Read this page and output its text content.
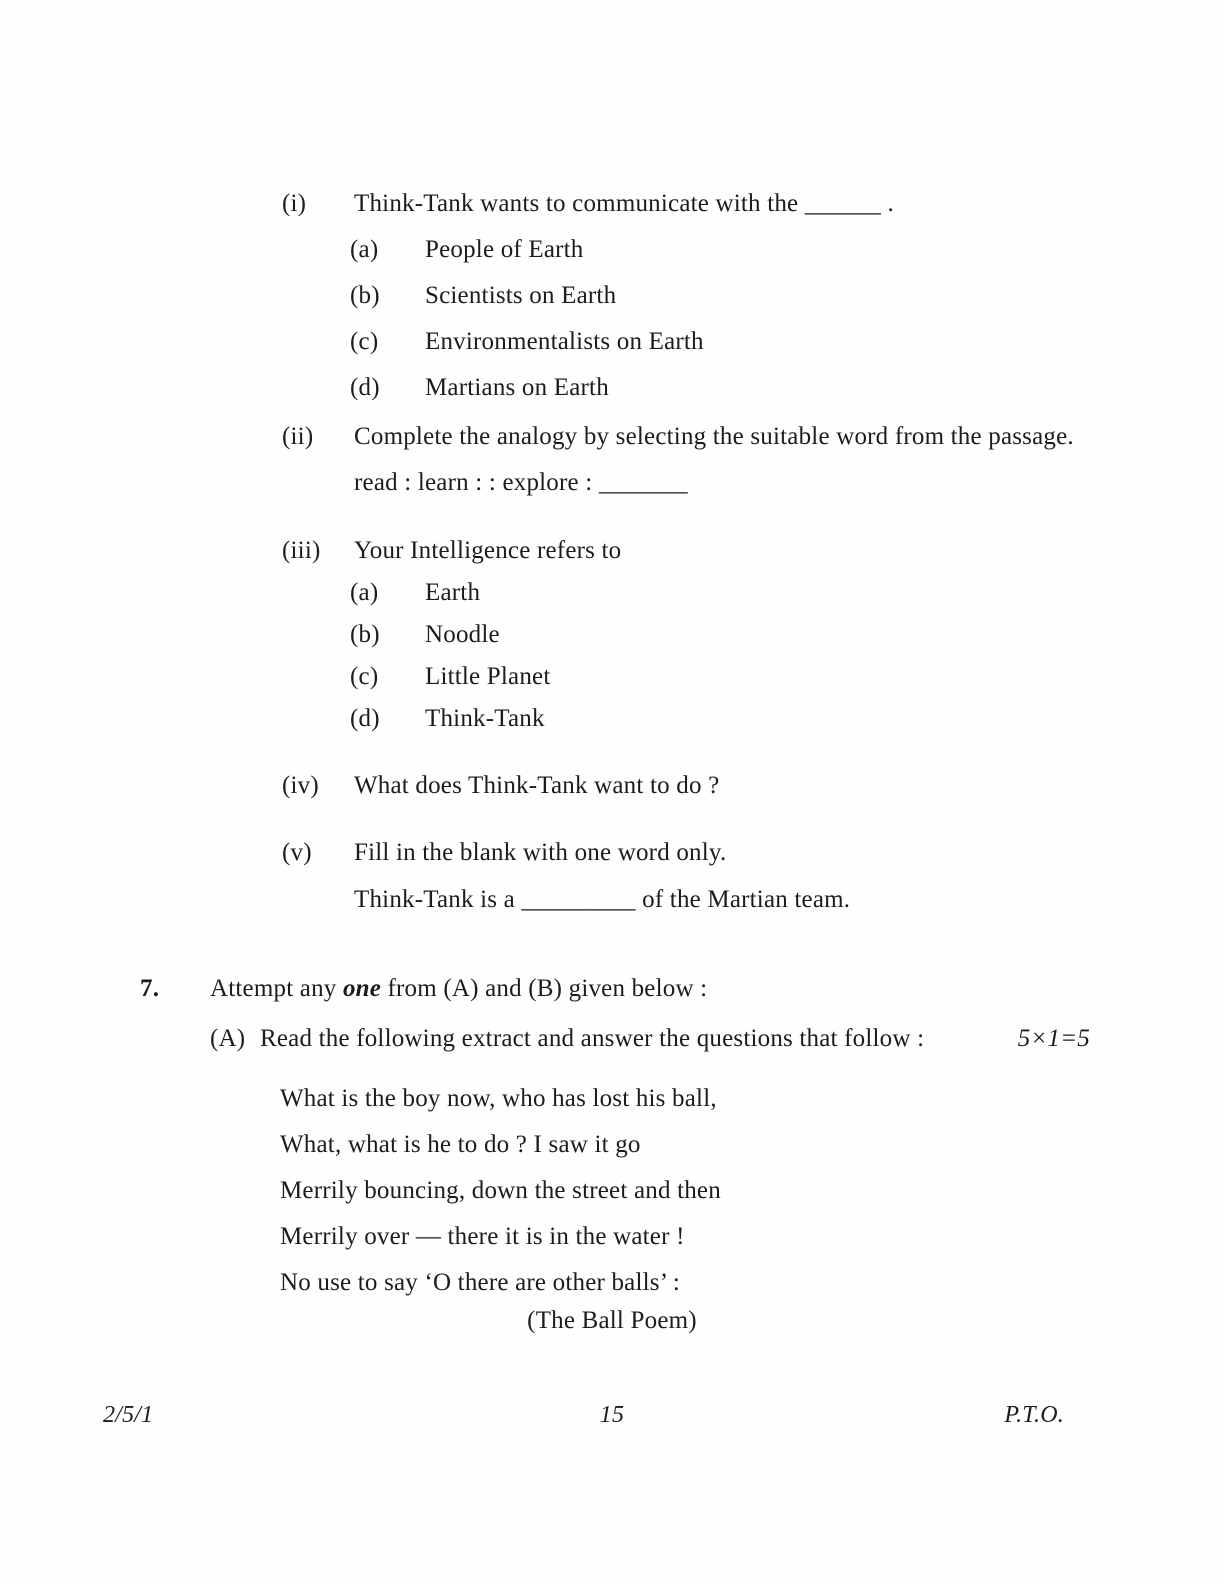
(i)	Think-Tank wants to communicate with the ______ .
(a)	People of Earth
(b)	Scientists on Earth
(c)	Environmentalists on Earth
(d)	Martians on Earth
(ii)	Complete the analogy by selecting the suitable word from the passage.
read : learn : : explore : _______
(iii)	Your Intelligence refers to
(a)	Earth
(b)	Noodle
(c)	Little Planet
(d)	Think-Tank
(iv)	What does Think-Tank want to do ?
(v)	Fill in the blank with one word only.
Think-Tank is a _________ of the Martian team.
7.	Attempt any one from (A) and (B) given below :
(A) Read the following extract and answer the questions that follow :	5×1=5
What is the boy now, who has lost his ball,
What, what is he to do ? I saw it go
Merrily bouncing, down the street and then
Merrily over — there it is in the water !
No use to say ‘O there are other balls’ :
(The Ball Poem)
2/5/1	15	P.T.O.
